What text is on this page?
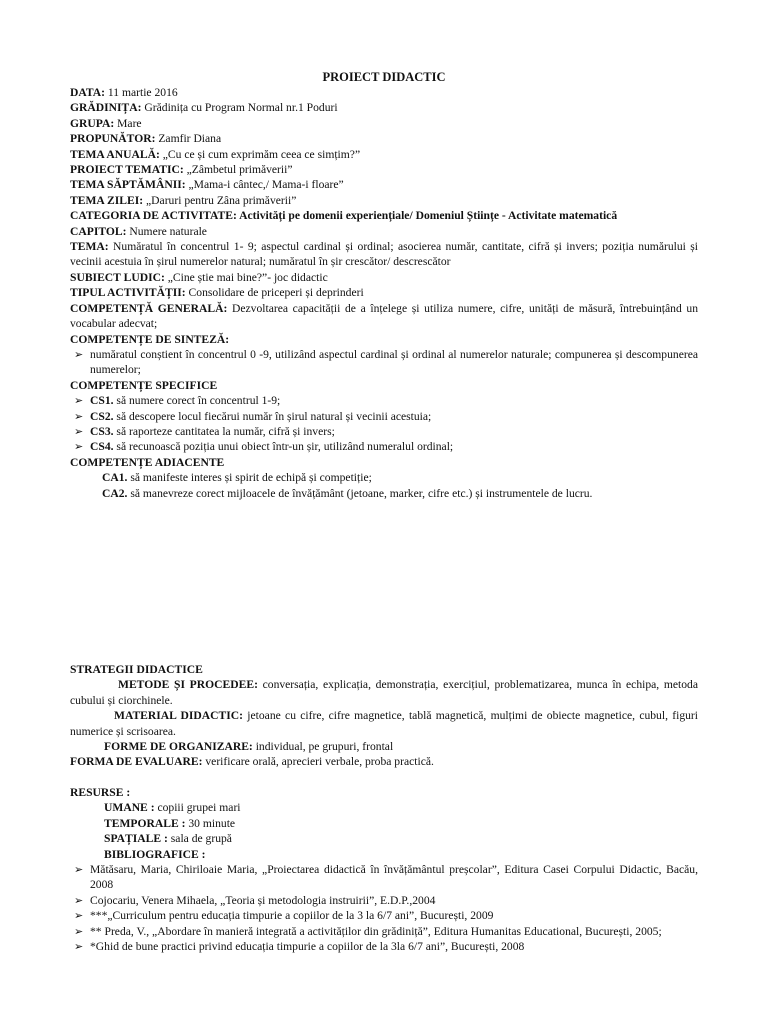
PROIECT DIDACTIC
DATA: 11 martie 2016
GRĂDINIȚA: Grădinița cu Program Normal nr.1 Poduri
GRUPA: Mare
PROPUNĂTOR: Zamfir Diana
TEMA ANUALĂ: „Cu ce și cum exprimăm ceea ce simțim?”
PROIECT TEMATIC: „Zâmbetul primăverii”
TEMA SĂPTĂMÂNII: „Mama-i cântec,/ Mama-i floare”
TEMA ZILEI: „Daruri pentru Zâna primăverii”
CATEGORIA DE ACTIVITATE: Activități pe domenii experiențiale/ Domeniul Științe - Activitate matematică
CAPITOL: Numere naturale
TEMA: Număratul în concentrul 1- 9; aspectul cardinal și ordinal; asocierea număr, cantitate, cifră și invers; poziția numărului și vecinii acestuia în șirul numerelor natural; număratul în șir crescător/ descrescător
SUBIECT LUDIC: „Cine știe mai bine?”- joc didactic
TIPUL ACTIVITĂȚII: Consolidare de priceperi și deprinderi
COMPETENȚĂ GENERALĂ: Dezvoltarea capacității de a înțelege și utiliza numere, cifre, unități de măsură, întrebuințând un vocabular adecvat;
COMPETENȚE DE SINTEZĂ:
➢ număratul conștient în concentrul 0 -9, utilizând aspectul cardinal și ordinal al numerelor naturale; compunerea și descompunerea numerelor;
COMPETENȚE SPECIFICE
➢ CS1. să numere corect în concentrul 1-9;
➢ CS2. să descopere locul fiecărui număr în șirul natural și vecinii acestuia;
➢ CS3. să raporteze cantitatea la număr, cifră și invers;
➢ CS4. să recunoască poziția unui obiect într-un șir, utilizând numeralul ordinal;
COMPETENȚE ADIACENTE
CA1. să manifeste interes și spirit de echipă și competiție;
CA2. să manevreze corect mijloacele de învățământ (jetoane, marker, cifre etc.) și instrumentele de lucru.
STRATEGII DIDACTICE
METODE ȘI PROCEDEE: conversația, explicația, demonstrația, exercițiul, problematizarea, munca în echipa, metoda cubului și ciorchinele.
MATERIAL DIDACTIC: jetoane cu cifre, cifre magnetice, tablă magnetică, mulțimi de obiecte magnetice, cubul, figuri numerice și scrisoarea.
FORME DE ORGANIZARE: individual, pe grupuri, frontal
FORMA DE EVALUARE: verificare orală, aprecieri verbale, proba practică.
RESURSE :
UMANE : copiii grupei mari
TEMPORALE : 30 minute
SPAȚIALE : sala de grupă
BIBLIOGRAFICE :
➢ Mătăsaru, Maria, Chiriloaie Maria, „Proiectarea didactică în învățământul preșcolar”, Editura Casei Corpului Didactic, Bacău, 2008
➢ Cojocariu, Venera Mihaela, „Teoria și metodologia instruirii”, E.D.P.,2004
➢ ***„Curriculum pentru educația timpurie a copiilor de la 3 la 6/7 ani”, București, 2009
➢ ** Preda, V., „Abordare în manieră integrată a activităților din grădiniță”, Editura Humanitas Educational, București, 2005;
➢ *Ghid de bune practici privind educația timpurie a copiilor de la 3la 6/7 ani”, București, 2008
